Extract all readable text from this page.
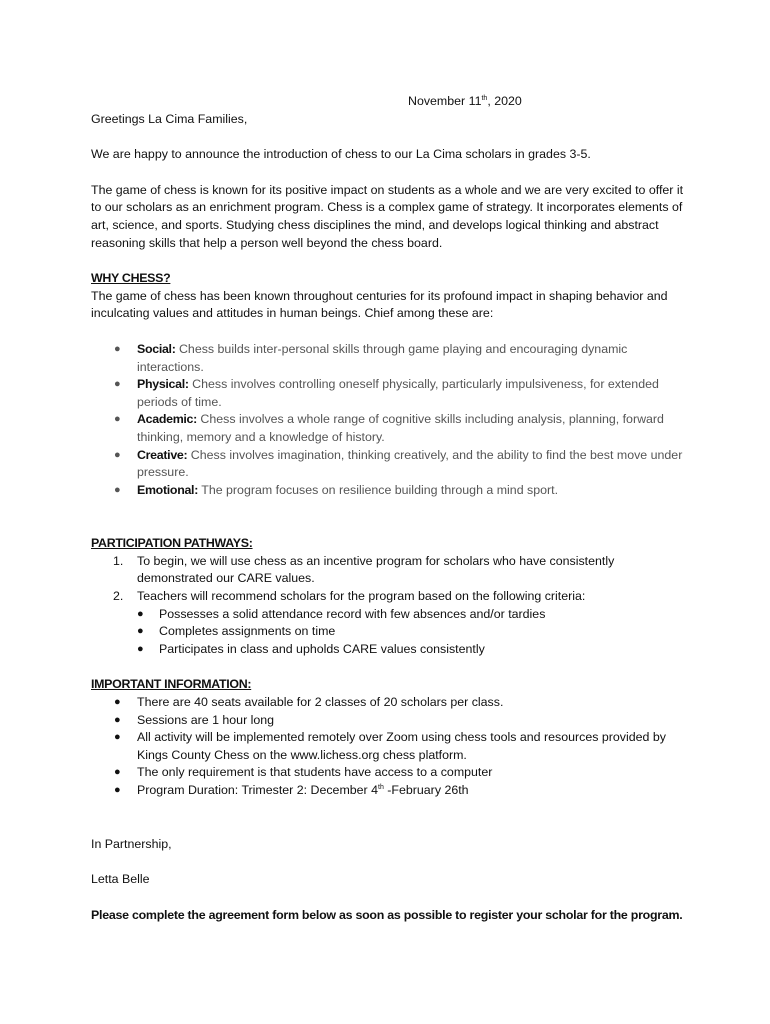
November 11th, 2020

Greetings La Cima Families,

We are happy to announce the introduction of chess to our La Cima scholars in grades 3-5.

The game of chess is known for its positive impact on students as a whole and we are very excited to offer it to our scholars as an enrichment program. Chess is a complex game of strategy. It incorporates elements of art, science, and sports. Studying chess disciplines the mind, and develops logical thinking and abstract reasoning skills that help a person well beyond the chess board.

WHY CHESS?

The game of chess has been known throughout centuries for its profound impact in shaping behavior and inculcating values and attitudes in human beings. Chief among these are:

● Social: Chess builds inter-personal skills through game playing and encouraging dynamic interactions.
● Physical: Chess involves controlling oneself physically, particularly impulsiveness, for extended periods of time.
● Academic: Chess involves a whole range of cognitive skills including analysis, planning, forward thinking, memory and a knowledge of history.
● Creative: Chess involves imagination, thinking creatively, and the ability to find the best move under pressure.
● Emotional: The program focuses on resilience building through a mind sport.

PARTICIPATION PATHWAYS:

1. To begin, we will use chess as an incentive program for scholars who have consistently demonstrated our CARE values.
2. Teachers will recommend scholars for the program based on the following criteria:
● Possesses a solid attendance record with few absences and/or tardies
● Completes assignments on time
● Participates in class and upholds CARE values consistently

IMPORTANT INFORMATION:

● There are 40 seats available for 2 classes of 20 scholars per class.
● Sessions are 1 hour long
● All activity will be implemented remotely over Zoom using chess tools and resources provided by Kings County Chess on the www.lichess.org chess platform.
● The only requirement is that students have access to a computer
● Program Duration: Trimester 2: December 4th -February 26th

In Partnership,

Letta Belle

Please complete the agreement form below as soon as possible to register your scholar for the program.
